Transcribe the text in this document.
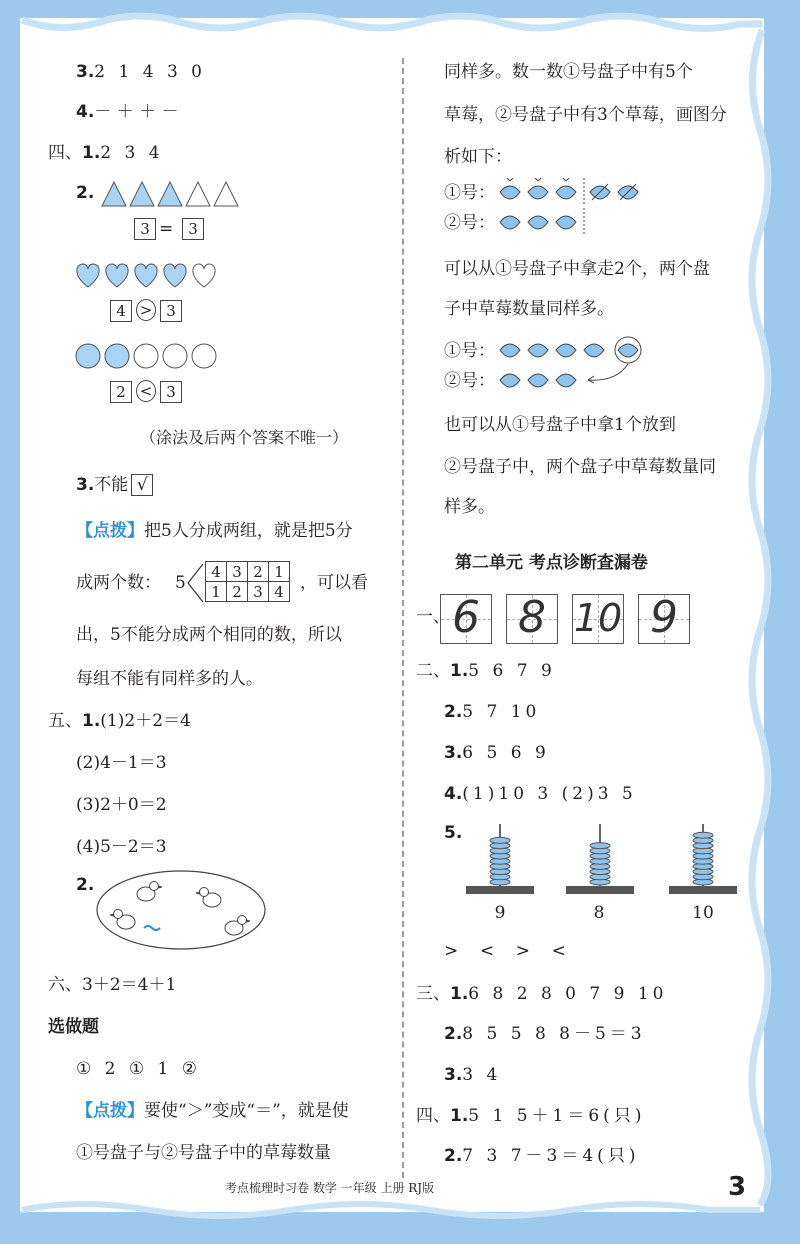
3.2 1 4 3 0
4.－ ＋ ＋ －
四、1.2 3 4
2.
3 = 3
4 > 3
2 < 3
（涂法及后两个答案不唯一）
3.不能 √
【点拨】把5人分成两组，就是把5分
成两个数： 5
4	3	2	1
1	2	3	4 ，可以看
出，5不能分成两个相同的数，所以
每组不能有同样多的人。
五、1.(1)2＋2＝4
(2)4－1＝3
(3)2＋0＝2
(4)5－2＝3
2.
六、3＋2＝4＋1
选做题
① 2 ① 1 ②
【点拨】要使“＞”变成“＝”，就是使
①号盘子与②号盘子中的草莓数量
同样多。数一数①号盘子中有5个
草莓，②号盘子中有3个草莓，画图分
析如下：
①号：
②号：
可以从①号盘子中拿走2个，两个盘
子中草莓数量同样多。
①号：
②号：
也可以从①号盘子中拿1个放到
②号盘子中，两个盘子中草莓数量同
样多。
第二单元 考点诊断查漏卷
一、 6 8 10 9
二、1.5 6 7 9
2.5 7 10
3.6 5 6 9
4.(1)10 3 (2)3 5
5.
9	8	10
>    <    >    <
三、1.6 8 2 8 0 7 9 10
2.8 5 5 8 8－5＝3
3.3 4
四、1.5 1 5＋1＝6(只)
2.7 3 7－3＝4(只)
考点梳理时习卷 数学 一年级 上册 RJ版	3
